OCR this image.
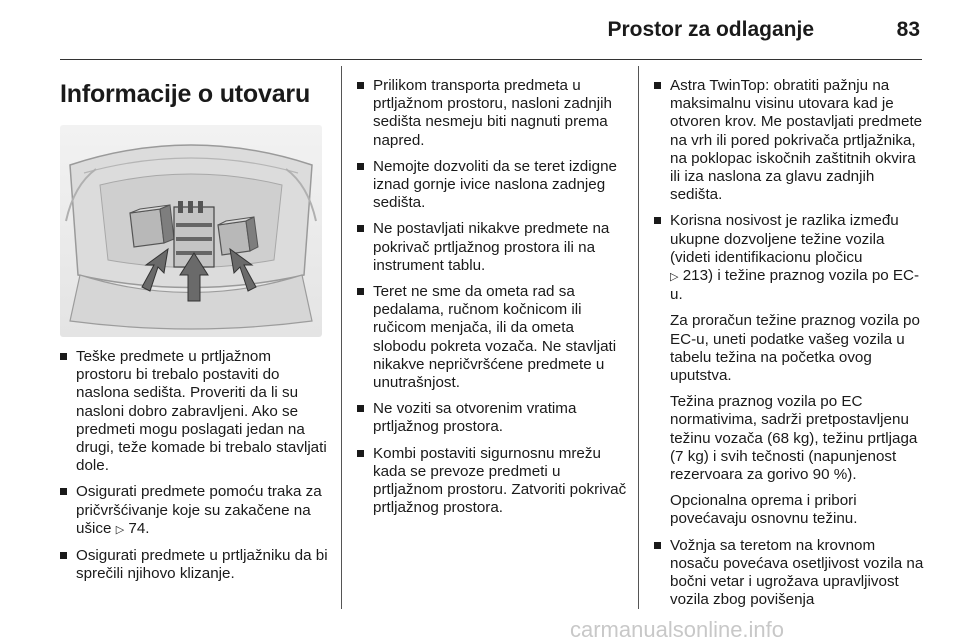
Prostor za odlaganje	83
Informacije o utovaru
Teške predmete u prtljažnom prostoru bi trebalo postaviti do naslona sedišta. Proveriti da li su nasloni dobro zabravljeni. Ako se predmeti mogu poslagati jedan na drugi, teže komade bi trebalo stavljati dole.
Osigurati predmete pomoću traka za pričvršćivanje koje su zakačene na ušice ▷ 74.
Osigurati predmete u prtljažniku da bi sprečili njihovo klizanje.
Prilikom transporta predmeta u prtljažnom prostoru, nasloni zadnjih sedišta nesmeju biti nagnuti prema napred.
Nemojte dozvoliti da se teret izdigne iznad gornje ivice naslona zadnjeg sedišta.
Ne postavljati nikakve predmete na pokrivač prtljažnog prostora ili na instrument tablu.
Teret ne sme da ometa rad sa pedalama, ručnom kočnicom ili ručicom menjača, ili da ometa slobodu pokreta vozača. Ne stavljati nikakve nepričvršćene predmete u unutrašnjost.
Ne voziti sa otvorenim vratima prtljažnog prostora.
Kombi postaviti sigurnosnu mrežu kada se prevoze predmeti u prtljažnom prostoru. Zatvoriti pokrivač prtljažnog prostora.
Astra TwinTop: obratiti pažnju na maksimalnu visinu utovara kad je otvoren krov. Me postavljati predmete na vrh ili pored pokrivača prtljažnika, na poklopac iskočnih zaštitnih okvira ili iza naslona za glavu zadnjih sedišta.
Korisna nosivost je razlika između ukupne dozvoljene težine vozila (videti identifikacionu pločicu
▷ 213) i težine praznog vozila po EC-u.
Za proračun težine praznog vozila po EC-u, uneti podatke vašeg vozila u tabelu težina na početka ovog uputstva.
Težina praznog vozila po EC normativima, sadrži pretpostavljenu težinu vozača (68 kg), težinu prtljaga (7 kg) i svih tečnosti (napunjenost rezervoara za gorivo 90 %).
Opcionalna oprema i pribori povećavaju osnovnu težinu.
Vožnja sa teretom na krovnom nosaču povećava osetljivost vozila na bočni vetar i ugrožava upravljivost vozila zbog povišenja
carmanualsonline.info
